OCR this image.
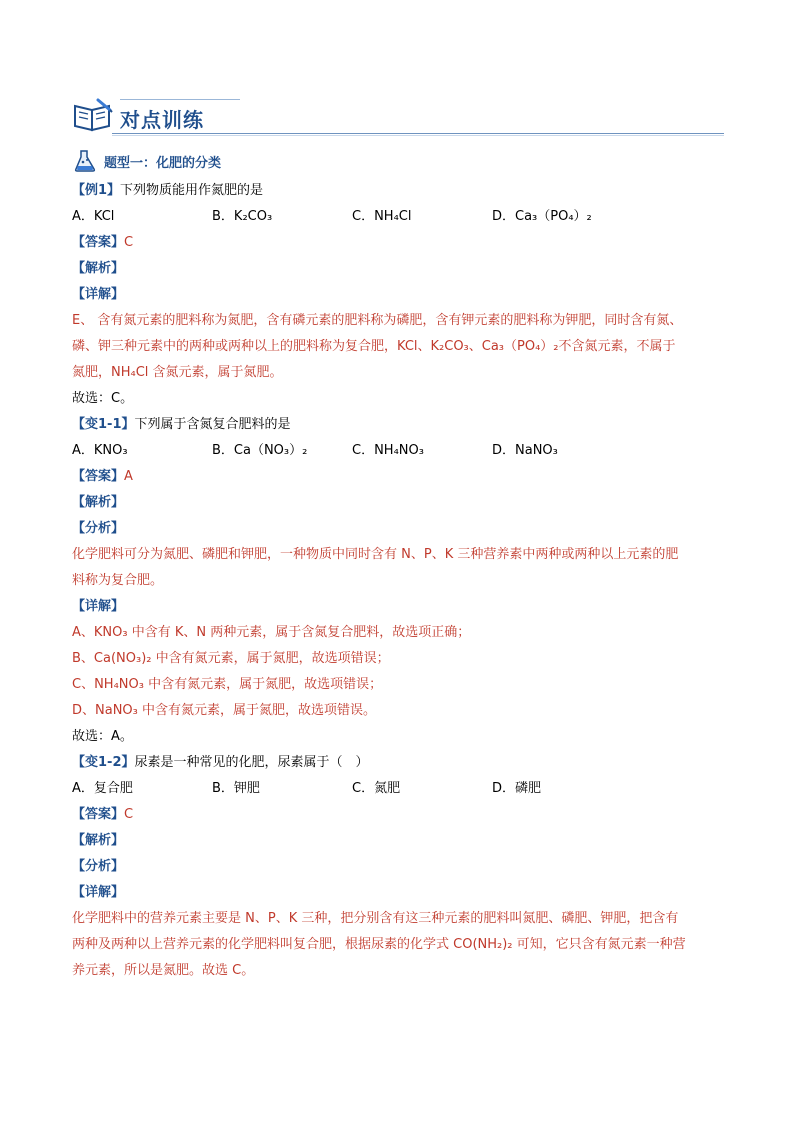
对点训练
题型一：化肥的分类
【例1】下列物质能用作氮肥的是
A．KCl	B．K₂CO₃	C．NH₄Cl	D．Ca₃（PO₄）₂
【答案】C
【解析】
【详解】
E、 含有氮元素的肥料称为氮肥，含有磷元素的肥料称为磷肥，含有钾元素的肥料称为钾肥，同时含有氮、
磷、钾三种元素中的两种或两种以上的肥料称为复合肥，KCl、K₂CO₃、Ca₃（PO₄）₂不含氮元素，不属于
氮肥，NH₄Cl 含氮元素，属于氮肥。
故选：C。
【变1-1】下列属于含氮复合肥料的是
A．KNO₃	B．Ca（NO₃）₂	C．NH₄NO₃	D．NaNO₃
【答案】A
【解析】
【分析】
化学肥料可分为氮肥、磷肥和钾肥，一种物质中同时含有 N、P、K 三种营养素中两种或两种以上元素的肥
料称为复合肥。
【详解】
A、KNO₃ 中含有 K、N 两种元素，属于含氮复合肥料，故选项正确；
B、Ca(NO₃)₂ 中含有氮元素，属于氮肥，故选项错误；
C、NH₄NO₃ 中含有氮元素，属于氮肥，故选项错误；
D、NaNO₃ 中含有氮元素，属于氮肥，故选项错误。
故选：A。
【变1-2】尿素是一种常见的化肥，尿素属于（　）
A．复合肥	B．钾肥	C．氮肥	D．磷肥
【答案】C
【解析】
【分析】
【详解】
化学肥料中的营养元素主要是 N、P、K 三种，把分别含有这三种元素的肥料叫氮肥、磷肥、钾肥，把含有
两种及两种以上营养元素的化学肥料叫复合肥，根据尿素的化学式 CO(NH₂)₂ 可知，它只含有氮元素一种营
养元素，所以是氮肥。故选 C。
